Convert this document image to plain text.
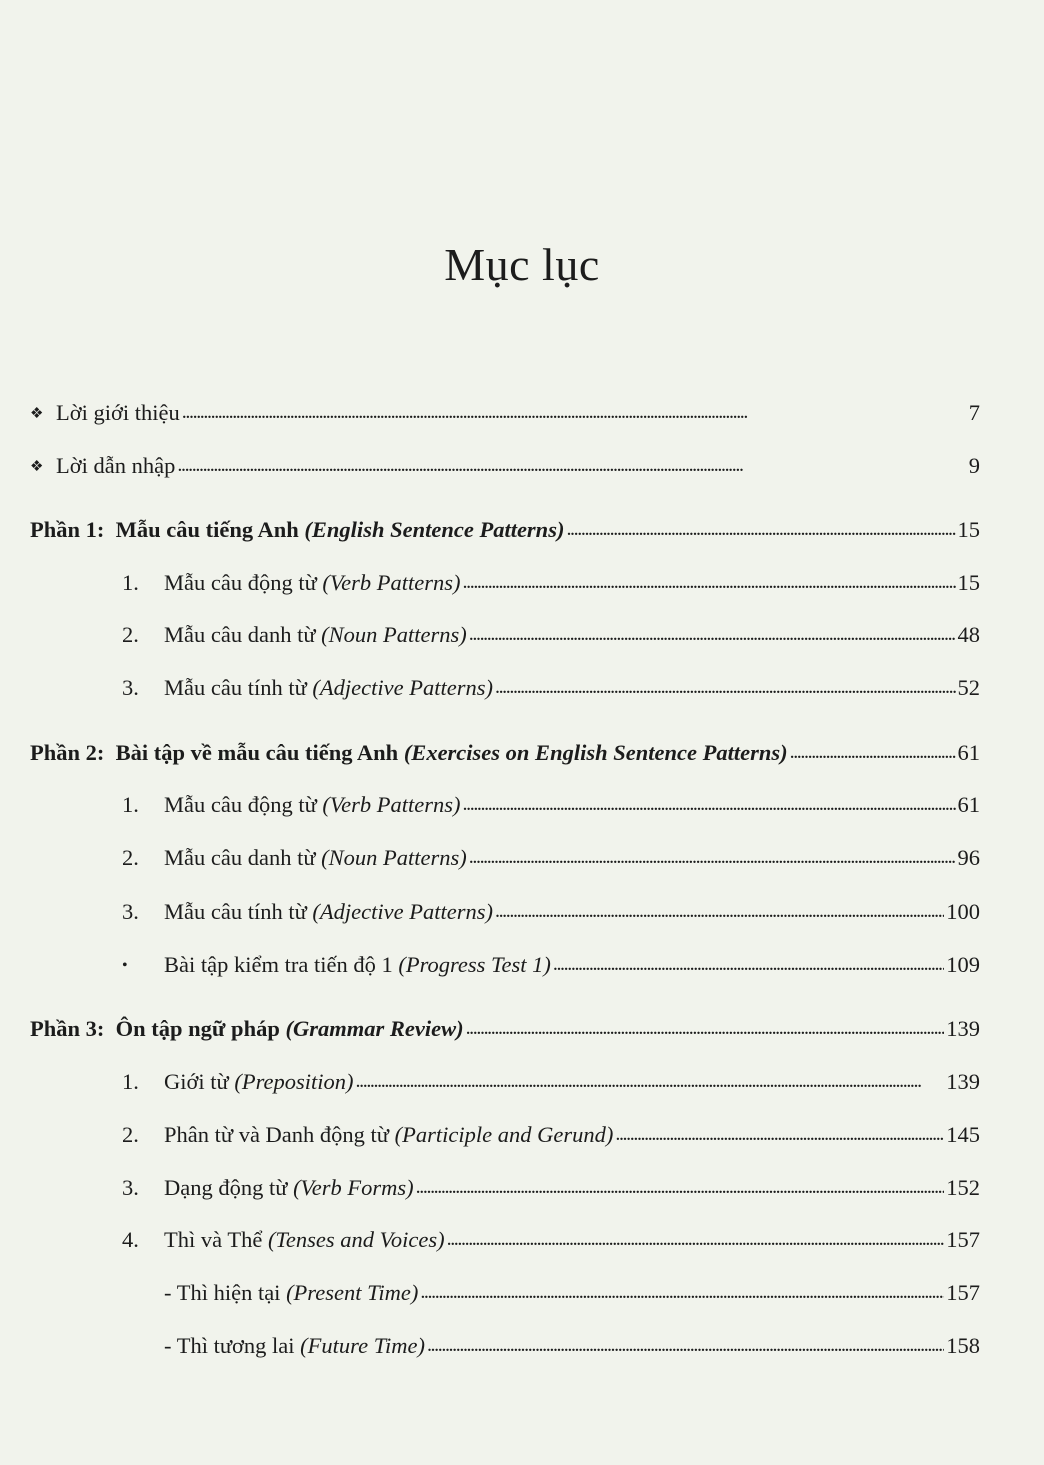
Mục lục
❖ Lời giới thiệu . . .	7
❖ Lời dẫn nhập . . .	9
Phần 1: Mẫu câu tiếng Anh (English Sentence Patterns) . . .	15
1.	Mẫu câu động từ (Verb Patterns) . . .	15
2.	Mẫu câu danh từ (Noun Patterns) . . .	48
3.	Mẫu câu tính từ (Adjective Patterns) . . .	52
Phần 2: Bài tập về mẫu câu tiếng Anh (Exercises on English Sentence Patterns) . . .	61
1.	Mẫu câu động từ (Verb Patterns) . . .	61
2.	Mẫu câu danh từ (Noun Patterns) . . .	96
3.	Mẫu câu tính từ (Adjective Patterns) . . .	100
•	Bài tập kiểm tra tiến độ 1 (Progress Test 1) . . .	109
Phần 3: Ôn tập ngữ pháp (Grammar Review) . . .	139
1.	Giới từ (Preposition) . . .	139
2.	Phân từ và Danh động từ (Participle and Gerund) . . .	145
3.	Dạng động từ (Verb Forms) . . .	152
4.	Thì và Thể (Tenses and Voices) . . .	157
- Thì hiện tại (Present Time) . . .	157
- Thì tương lai (Future Time) . . .	158
